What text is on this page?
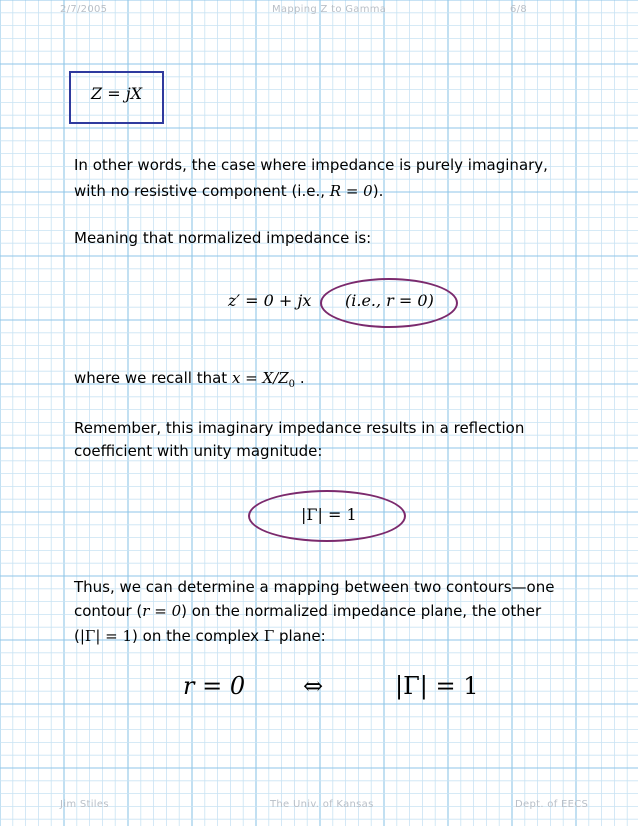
2/7/2005	Mapping Z to Gamma	6/8
Z = jX
In other words, the case where impedance is purely imaginary,
with no resistive component (i.e., R = 0).
Meaning that normalized impedance is:
z′ = 0 + jx (i.e., r = 0)
where we recall that $x = X/Z_0$ .
Remember, this imaginary impedance results in a reflection
coefficient with unity magnitude:
|Γ| = 1
Thus, we can determine a mapping between two contours—one
contour (r = 0) on the normalized impedance plane, the other
(|Γ| = 1) on the complex Γ plane:
r = 0 ⇔	|Γ| = 1
Jim Stiles	The Univ. of Kansas	Dept. of EECS
